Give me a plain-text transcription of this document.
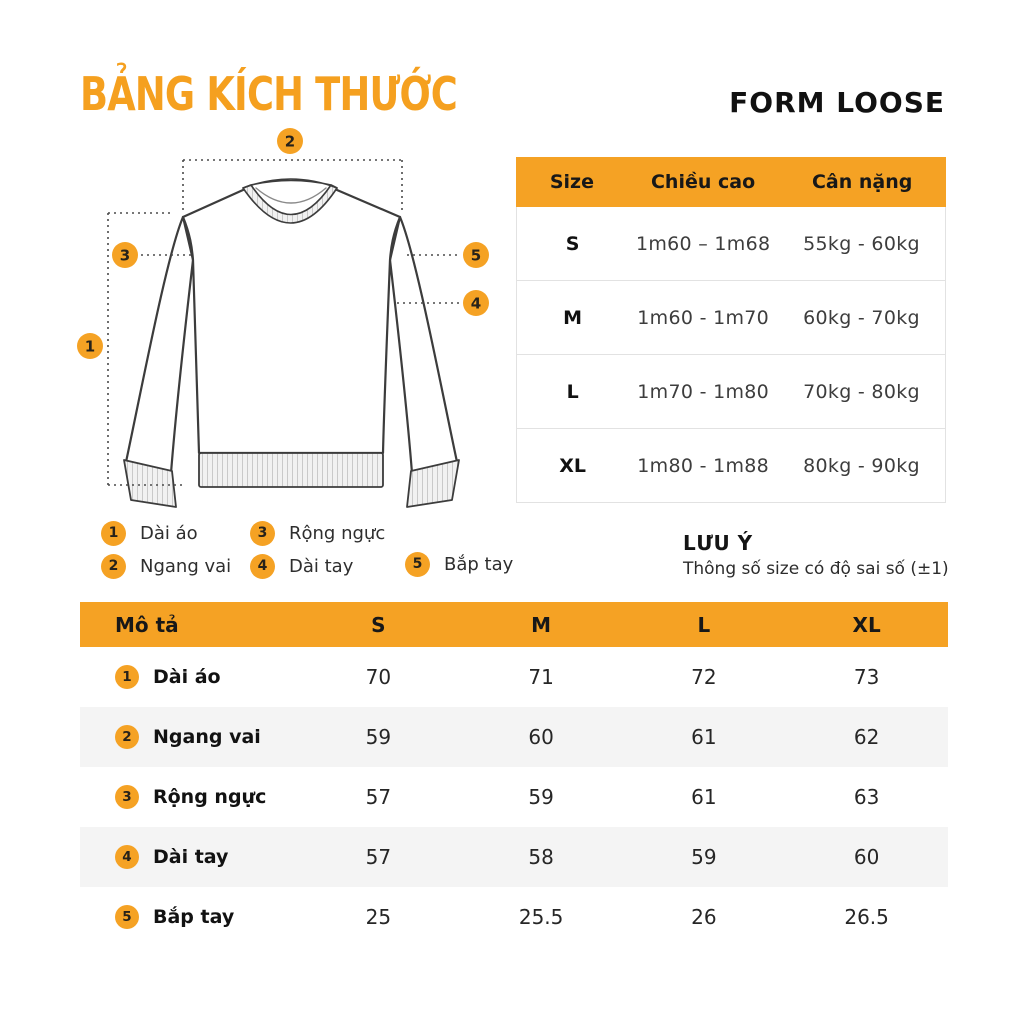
BẢNG KÍCH THƯỚC	FORM LOOSE
2
1
3	5
4
Size	Chiều cao	Cân nặng
S	1m60 – 1m68	55kg - 60kg
M	1m60 - 1m70	60kg - 70kg
L	1m70 - 1m80	70kg - 80kg
XL	1m80 - 1m88	80kg - 90kg
1	Dài áo
2	Ngang vai
3	Rộng ngực
4	Dài tay	5	Bắp tay
LƯU Ý
Thông số size có độ sai số (±1)
Mô tả	S	M	L	XL
1	Dài áo	70	71	72	73
2	Ngang vai	59	60	61	62
3	Rộng ngực	57	59	61	63
4	Dài tay	57	58	59	60
5	Bắp tay	25	25.5	26	26.5
